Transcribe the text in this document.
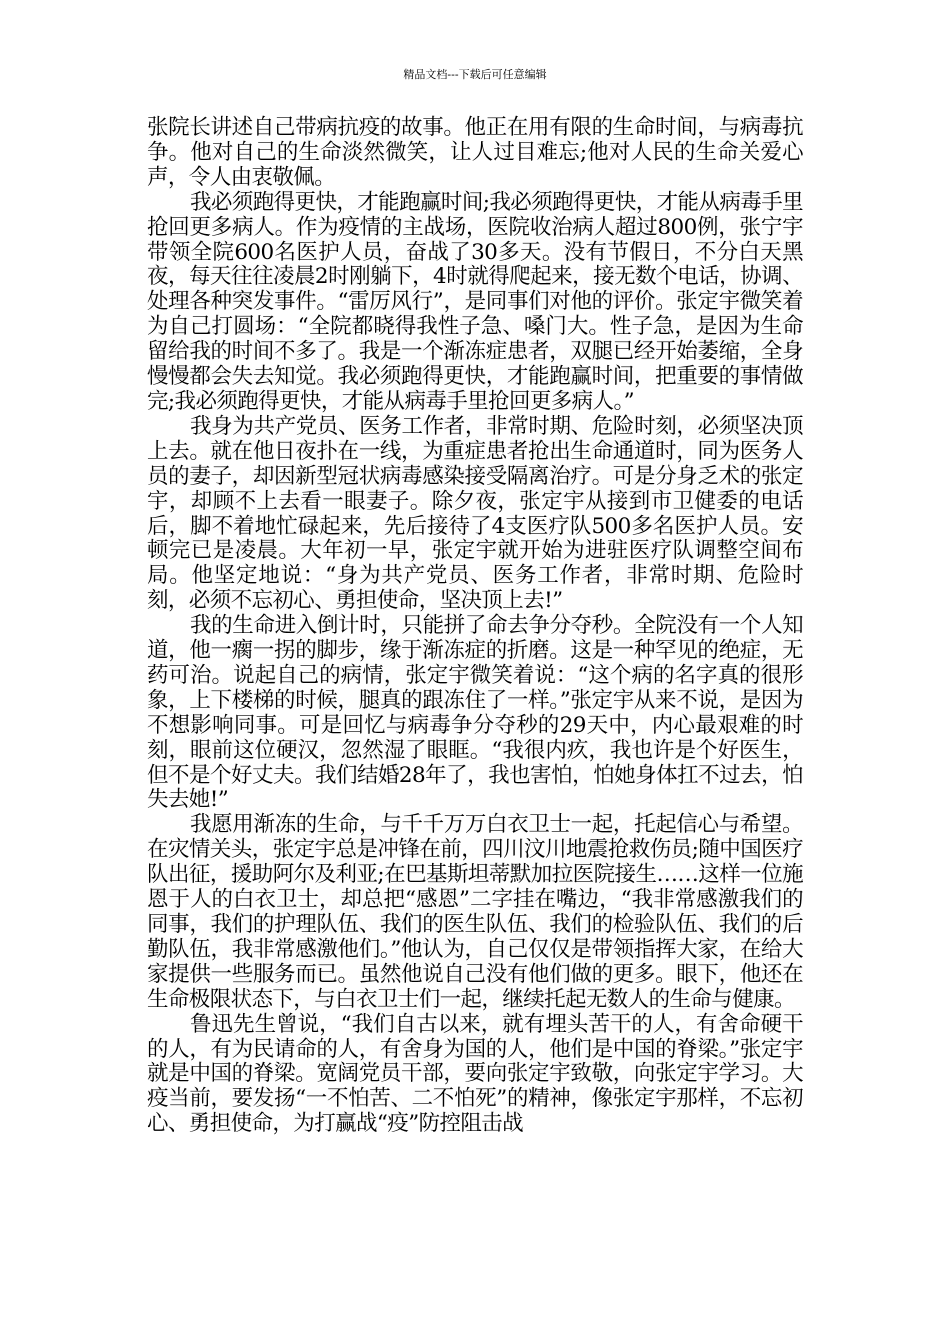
精品文档---下载后可任意编辑

张院长讲述自己带病抗疫的故事。他正在用有限的生命时间，与病毒抗争。他对自己的生命淡然微笑，让人过目难忘;他对人民的生命关爱心声，令人由衷敬佩。

我必须跑得更快，才能跑赢时间;我必须跑得更快，才能从病毒手里抢回更多病人。作为疫情的主战场，医院收治病人超过800例，张宁宇带领全院600名医护人员，奋战了30多天。没有节假日，不分白天黑夜，每天往往凌晨2时刚躺下，4时就得爬起来，接无数个电话，协调、处理各种突发事件。“雷厉风行”，是同事们对他的评价。张定宇微笑着为自己打圆场：“全院都晓得我性子急、嗓门大。性子急，是因为生命留给我的时间不多了。我是一个渐冻症患者，双腿已经开始萎缩，全身慢慢都会失去知觉。我必须跑得更快，才能跑赢时间，把重要的事情做完;我必须跑得更快，才能从病毒手里抢回更多病人。”

我身为共产党员、医务工作者，非常时期、危险时刻，必须坚决顶上去。就在他日夜扑在一线，为重症患者抢出生命通道时，同为医务人员的妻子，却因新型冠状病毒感染接受隔离治疗。可是分身乏术的张定宇，却顾不上去看一眼妻子。除夕夜，张定宇从接到市卫健委的电话后，脚不着地忙碌起来，先后接待了4支医疗队500多名医护人员。安顿完已是凌晨。大年初一早，张定宇就开始为进驻医疗队调整空间布局。他坚定地说：“身为共产党员、医务工作者，非常时期、危险时刻，必须不忘初心、勇担使命，坚决顶上去!”

我的生命进入倒计时，只能拼了命去争分夺秒。全院没有一个人知道，他一瘸一拐的脚步，缘于渐冻症的折磨。这是一种罕见的绝症，无药可治。说起自己的病情，张定宇微笑着说：“这个病的名字真的很形象，上下楼梯的时候，腿真的跟冻住了一样。”张定宇从来不说，是因为不想影响同事。可是回忆与病毒争分夺秒的29天中，内心最艰难的时刻，眼前这位硬汉，忽然湿了眼眶。“我很内疚，我也许是个好医生，但不是个好丈夫。我们结婚28年了，我也害怕，怕她身体扛不过去，怕失去她!”

我愿用渐冻的生命，与千千万万白衣卫士一起，托起信心与希望。在灾情关头，张定宇总是冲锋在前，四川汶川地震抢救伤员;随中国医疗队出征，援助阿尔及利亚;在巴基斯坦蒂默加拉医院接生……这样一位施恩于人的白衣卫士，却总把“感恩”二字挂在嘴边，“我非常感激我们的同事，我们的护理队伍、我们的医生队伍、我们的检验队伍、我们的后勤队伍，我非常感激他们。”他认为，自己仅仅是带领指挥大家，在给大家提供一些服务而已。虽然他说自己没有他们做的更多。眼下，他还在生命极限状态下，与白衣卫士们一起，继续托起无数人的生命与健康。

鲁迅先生曾说，“我们自古以来，就有埋头苦干的人，有舍命硬干的人，有为民请命的人，有舍身为国的人，他们是中国的脊梁。”张定宇就是中国的脊梁。宽阔党员干部，要向张定宇致敬，向张定宇学习。大疫当前，要发扬“一不怕苦、二不怕死”的精神，像张定宇那样，不忘初心、勇担使命，为打赢战“疫”防控阻击战
